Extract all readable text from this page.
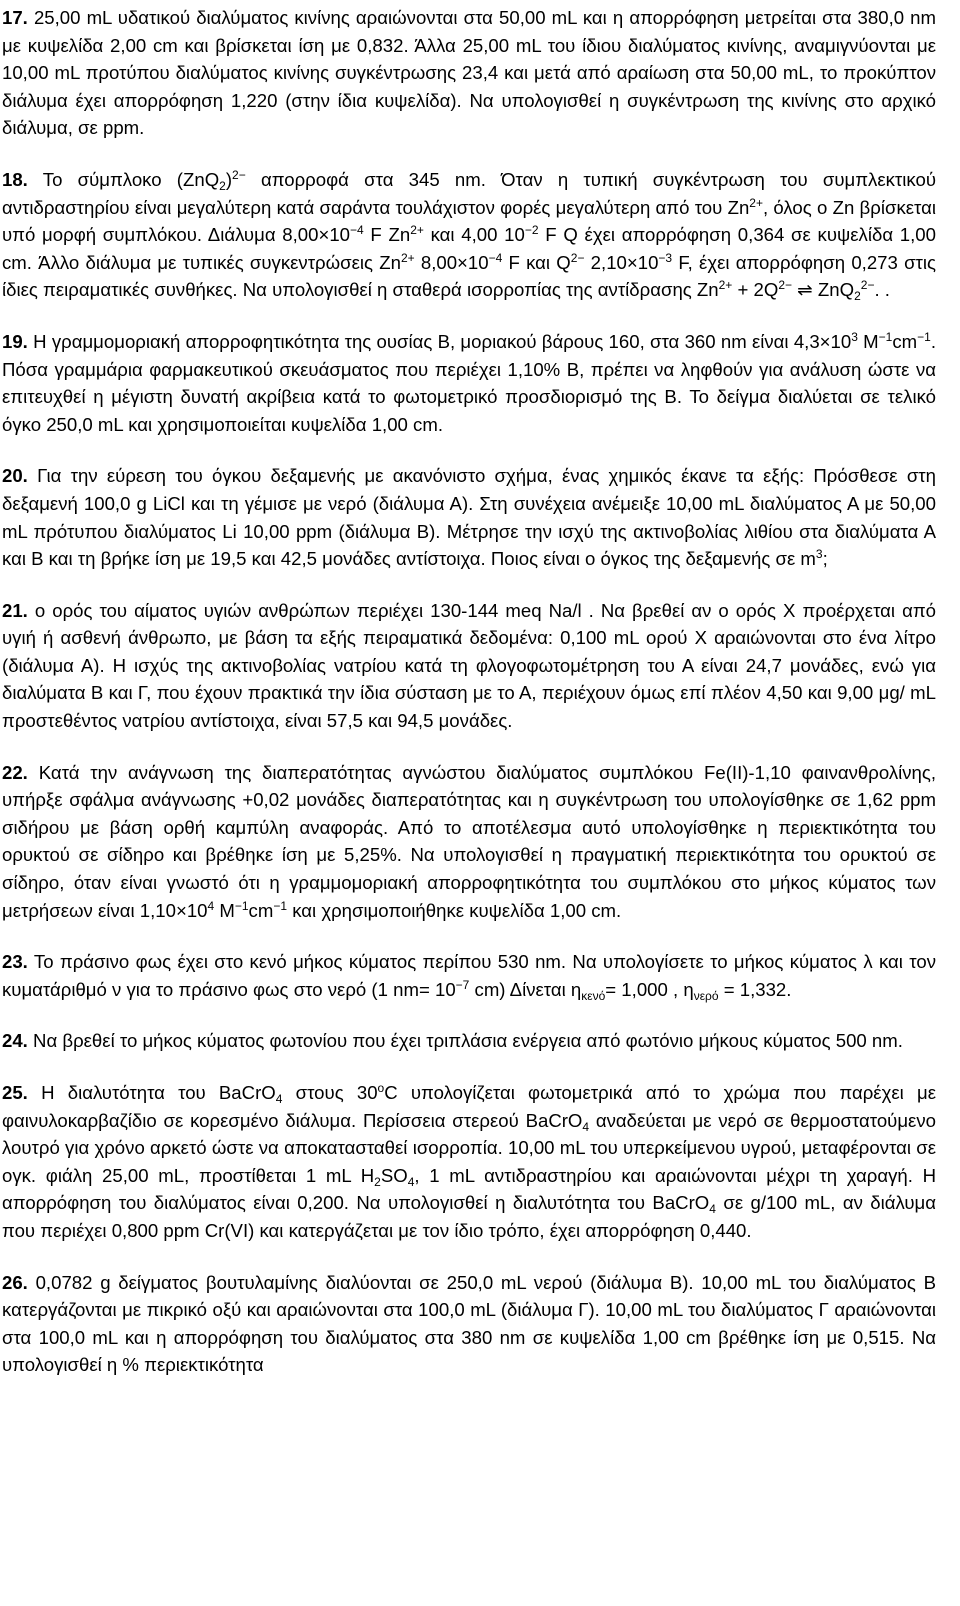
17. 25,00 mL υδατικού διαλύματος κινίνης αραιώνονται στα 50,00 mL και η απορρόφηση μετρείται στα 380,0 nm με κυψελίδα 2,00 cm και βρίσκεται ίση με 0,832. Άλλα 25,00 mL του ίδιου διαλύματος κινίνης, αναμιγνύονται με 10,00 mL προτύπου διαλύματος κινίνης συγκέντρωσης 23,4 και μετά από αραίωση στα 50,00 mL, το προκύπτον διάλυμα έχει απορρόφηση 1,220 (στην ίδια κυψελίδα). Να υπολογισθεί η συγκέντρωση της κινίνης στο αρχικό διάλυμα, σε ppm.

18. Το σύμπλοκο $(ZnQ_2)^{2-}$ απορροφά στα 345 nm. Όταν η τυπική συγκέντρωση του συμπλεκτικού αντιδραστηρίου είναι μεγαλύτερη κατά σαράντα τουλάχιστον φορές μεγαλύτερη από του $Zn^{2+}$, όλος ο Zn βρίσκεται υπό μορφή συμπλόκου. Διάλυμα $8,00\times 10^{-4}$ F $Zn^{2+}$ και 4,00 $10^{-2}$ F Q έχει απορρόφηση 0,364 σε κυψελίδα 1,00 cm. Άλλο διάλυμα με τυπικές συγκεντρώσεις $Zn^{2+}$ $8,00\times 10^{-4}$ F και $Q^{2-}$ $2,10\times 10^{-3}$ F, έχει απορρόφηση 0,273 στις ίδιες πειραματικές συνθήκες. Να υπολογισθεί η σταθερά ισορροπίας της αντίδρασης $Zn^{2+} + 2Q^{2-}$ ⇌ ZnQ$_2^{2-}$. .

19. Η γραμμομοριακή απορροφητικότητα της ουσίας Β, μοριακού βάρους 160, στα 360 nm είναι $4,3\times 10^3$ $M^{-1}cm^{-1}$. Πόσα γραμμάρια φαρμακευτικού σκευάσματος που περιέχει 1,10% Β, πρέπει να ληφθούν για ανάλυση ώστε να επιτευχθεί η μέγιστη δυνατή ακρίβεια κατά το φωτομετρικό προσδιορισμό της Β. Το δείγμα διαλύεται σε τελικό όγκο 250,0 mL και χρησιμοποιείται κυψελίδα 1,00 cm.

20. Για την εύρεση του όγκου δεξαμενής με ακανόνιστο σχήμα, ένας χημικός έκανε τα εξής: Πρόσθεσε στη δεξαμενή 100,0 g LiCl και τη γέμισε με νερό (διάλυμα Α). Στη συνέχεια ανέμειξε 10,00 mL διαλύματος Α με 50,00 mL πρότυπου διαλύματος Li 10,00 ppm (διάλυμα Β). Μέτρησε την ισχύ της ακτινοβολίας λιθίου στα διαλύματα Α και Β και τη βρήκε ίση με 19,5 και 42,5 μονάδες αντίστοιχα. Ποιος είναι ο όγκος της δεξαμενής σε $m^3$;

21. ο ορός του αίματος υγιών ανθρώπων περιέχει 130-144 meq Na/l . Να βρεθεί αν ο ορός Χ προέρχεται από υγιή ή ασθενή άνθρωπο, με βάση τα εξής πειραματικά δεδομένα: 0,100 mL ορού Χ αραιώνονται στο ένα λίτρο (διάλυμα Α). Η ισχύς της ακτινοβολίας νατρίου κατά τη φλογοφωτομέτρηση του Α είναι 24,7 μονάδες, ενώ για διαλύματα Β και Γ, που έχουν πρακτικά την ίδια σύσταση με το Α, περιέχουν όμως επί πλέον 4,50 και 9,00 μg/ mL προστεθέντος νατρίου αντίστοιχα, είναι 57,5 και 94,5 μονάδες.

22. Κατά την ανάγνωση της διαπερατότητας αγνώστου διαλύματος συμπλόκου Fe(II)-1,10 φαινανθρολίνης, υπήρξε σφάλμα ανάγνωσης +0,02 μονάδες διαπερατότητας και η συγκέντρωση του υπολογίσθηκε σε 1,62 ppm σιδήρου με βάση ορθή καμπύλη αναφοράς. Από το αποτέλεσμα αυτό υπολογίσθηκε η περιεκτικότητα του ορυκτού σε σίδηρο και βρέθηκε ίση με 5,25%. Να υπολογισθεί η πραγματική περιεκτικότητα του ορυκτού σε σίδηρο, όταν είναι γνωστό ότι η γραμμομοριακή απορροφητικότητα του συμπλόκου στο μήκος κύματος των μετρήσεων είναι $1,10\times 10^4$ $M^{-1}cm^{-1}$ και χρησιμοποιήθηκε κυψελίδα 1,00 cm.

23. Το πράσινο φως έχει στο κενό μήκος κύματος περίπου 530 nm. Να υπολογίσετε το μήκος κύματος λ και τον κυματάριθμό ν για το πράσινο φως στο νερό (1 $nm= 10^{-7}$ cm) Δίνεται $\eta_{\kappa\varepsilon\nu ό}= 1,000$ , $\eta_{\nu\varepsilon\rho ό} = 1,332$.

24. Να βρεθεί το μήκος κύματος φωτονίου που έχει τριπλάσια ενέργεια από φωτόνιο μήκους κύματος 500 nm.

25. Η διαλυτότητα του BaCrO$_4$ στους 30$^o$C υπολογίζεται φωτομετρικά από το χρώμα που παρέχει με φαινυλοκαρβαζίδιο σε κορεσμένο διάλυμα. Περίσσεια στερεού BaCrO$_4$ αναδεύεται με νερό σε θερμοστατούμενο λουτρό για χρόνο αρκετό ώστε να αποκατασταθεί ισορροπία. 10,00 mL του υπερκείμενου υγρού, μεταφέρονται σε ογκ. φιάλη 25,00 mL, προστίθεται 1 mL $H_2SO_4$, 1 mL αντιδραστηρίου και αραιώνονται μέχρι τη χαραγή. Η απορρόφηση του διαλύματος είναι 0,200. Να υπολογισθεί η διαλυτότητα του BaCrO$_4$ σε g/100 mL, αν διάλυμα που περιέχει 0,800 ppm Cr(VI) και κατεργάζεται με τον ίδιο τρόπο, έχει απορρόφηση 0,440.

26. 0,0782 g δείγματος βουτυλαμίνης διαλύονται σε 250,0 mL νερού (διάλυμα Β). 10,00 mL του διαλύματος Β κατεργάζονται με πικρικό οξύ και αραιώνονται στα 100,0 mL (διάλυμα Γ). 10,00 mL του διαλύματος Γ αραιώνονται στα 100,0 mL και η απορρόφηση του διαλύματος στα 380 nm σε κυψελίδα 1,00 cm βρέθηκε ίση με 0,515. Να υπολογισθεί η % περιεκτικότητα
